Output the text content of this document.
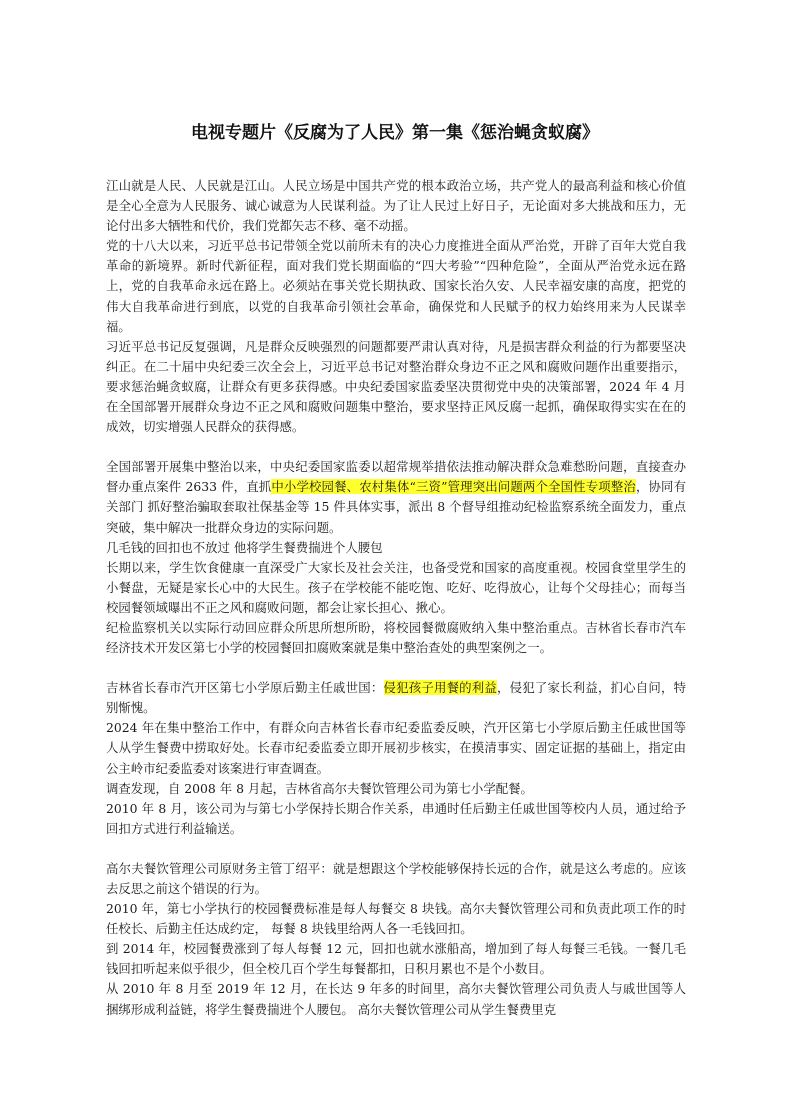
电视专题片《反腐为了人民》第一集《惩治蝇贪蚁腐》

江山就是人民、人民就是江山。人民立场是中国共产党的根本政治立场，共产党人的最高利益和核心价值是全心全意为人民服务、诚心诚意为人民谋利益。为了让人民过上好日子，无论面对多大挑战和压力，无论付出多大牺牲和代价，我们党都矢志不移、毫不动摇。

党的十八大以来，习近平总书记带领全党以前所未有的决心力度推进全面从严治党，开辟了百年大党自我革命的新境界。新时代新征程，面对我们党长期面临的“四大考验”“四种危险”，全面从严治党永远在路上，党的自我革命永远在路上。必须站在事关党长期执政、国家长治久安、人民幸福安康的高度，把党的伟大自我革命进行到底，以党的自我革命引领社会革命，确保党和人民赋予的权力始终用来为人民谋幸福。

习近平总书记反复强调，凡是群众反映强烈的问题都要严肃认真对待，凡是损害群众利益的行为都要坚决纠正。在二十届中央纪委三次全会上，习近平总书记对整治群众身边不正之风和腐败问题作出重要指示，要求惩治蝇贪蚁腐，让群众有更多获得感。中央纪委国家监委坚决贯彻党中央的决策部署，2024 年 4 月在全国部署开展群众身边不正之风和腐败问题集中整治，要求坚持正风反腐一起抓，确保取得实实在在的成效，切实增强人民群众的获得感。

全国部署开展集中整治以来，中央纪委国家监委以超常规举措依法推动解决群众急难愁盼问题，直接查办督办重点案件 2633 件，直抓中小学校园餐、农村集体“三资”管理突出问题两个全国性专项整治，协同有关部门 抓好整治骗取套取社保基金等 15 件具体实事，派出 8 个督导组推动纪检监察系统全面发力，重点突破，集中解决一批群众身边的实际问题。

几毛钱的回扣也不放过 他将学生餐费揣进个人腰包

长期以来，学生饮食健康一直深受广大家长及社会关注，也备受党和国家的高度重视。校园食堂里学生的小餐盘，无疑是家长心中的大民生。孩子在学校能不能吃饱、吃好、吃得放心，让每个父母挂心；而每当校园餐领域曝出不正之风和腐败问题，都会让家长担心、揪心。

纪检监察机关以实际行动回应群众所思所想所盼，将校园餐微腐败纳入集中整治重点。吉林省长春市汽车经济技术开发区第七小学的校园餐回扣腐败案就是集中整治查处的典型案例之一。

吉林省长春市汽开区第七小学原后勤主任戚世国：侵犯孩子用餐的利益，侵犯了家长利益，扪心自问，特别惭愧。

2024 年在集中整治工作中，有群众向吉林省长春市纪委监委反映，汽开区第七小学原后勤主任戚世国等人从学生餐费中捞取好处。长春市纪委监委立即开展初步核实，在摸清事实、固定证据的基础上，指定由公主岭市纪委监委对该案进行审查调查。

调查发现，自 2008 年 8 月起，吉林省高尔夫餐饮管理公司为第七小学配餐。

2010 年 8 月，该公司为与第七小学保持长期合作关系，串通时任后勤主任戚世国等校内人员，通过给予回扣方式进行利益输送。

高尔夫餐饮管理公司原财务主管丁绍平：就是想跟这个学校能够保持长远的合作，就是这么考虑的。应该去反思之前这个错误的行为。

2010 年，第七小学执行的校园餐费标准是每人每餐交 8 块钱。高尔夫餐饮管理公司和负责此项工作的时任校长、后勤主任达成约定， 每餐 8 块钱里给两人各一毛钱回扣。

到 2014 年，校园餐费涨到了每人每餐 12 元，回扣也就水涨船高，增加到了每人每餐三毛钱。一餐几毛钱回扣听起来似乎很少，但全校几百个学生每餐都扣，日积月累也不是个小数目。

从 2010 年 8 月至 2019 年 12 月，在长达 9 年多的时间里，高尔夫餐饮管理公司负责人与戚世国等人捆绑形成利益链，将学生餐费揣进个人腰包。 高尔夫餐饮管理公司从学生餐费里克
